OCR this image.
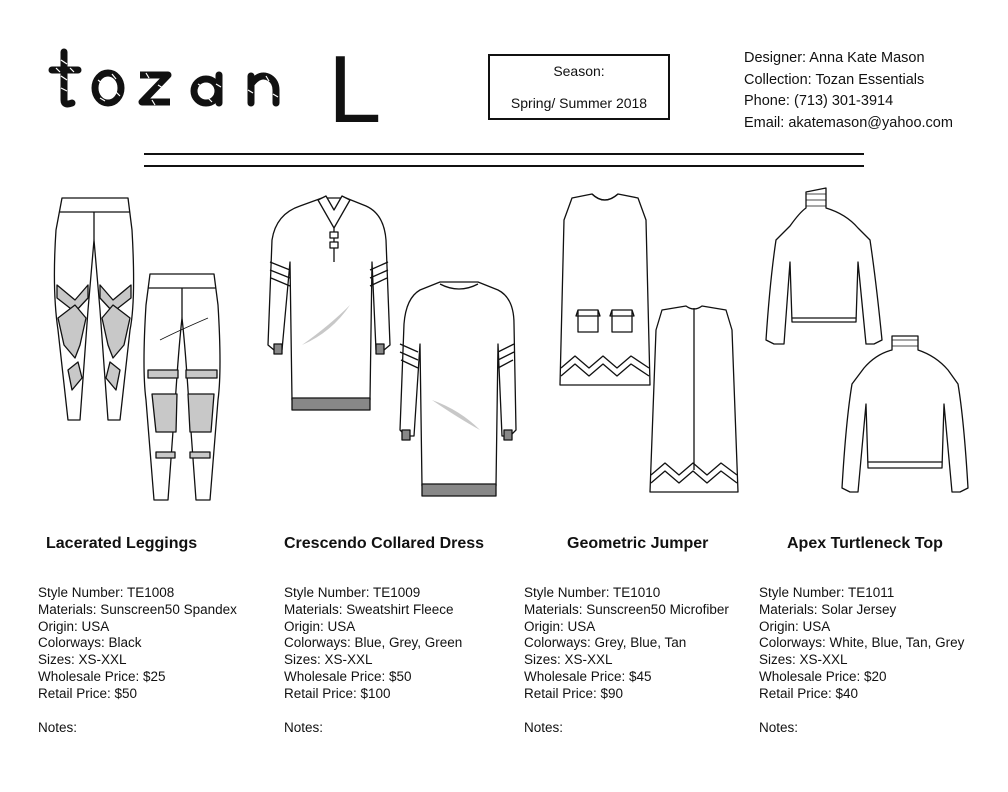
L	Season:
Spring/ Summer 2018
Designer: Anna Kate Mason
Collection: Tozan Essentials
Phone: (713) 301-3914
Email: akatemason@yahoo.com
Lacerated Leggings	Crescendo Collared Dress	Geometric Jumper	Apex Turtleneck Top
Style Number: TE1008
Materials: Sunscreen50 Spandex
Origin: USA
Colorways: Black
Sizes: XS-XXL
Wholesale Price: $25
Retail Price: $50
Notes:
Style Number: TE1009
Materials: Sweatshirt Fleece
Origin: USA
Colorways: Blue, Grey, Green
Sizes: XS-XXL
Wholesale Price: $50
Retail Price: $100
Notes:
Style Number: TE1010
Materials: Sunscreen50 Microfiber
Origin: USA
Colorways: Grey, Blue, Tan
Sizes: XS-XXL
Wholesale Price: $45
Retail Price: $90
Notes:
Style Number: TE1011
Materials: Solar Jersey
Origin: USA
Colorways: White, Blue, Tan, Grey
Sizes: XS-XXL
Wholesale Price: $20
Retail Price: $40
Notes:
